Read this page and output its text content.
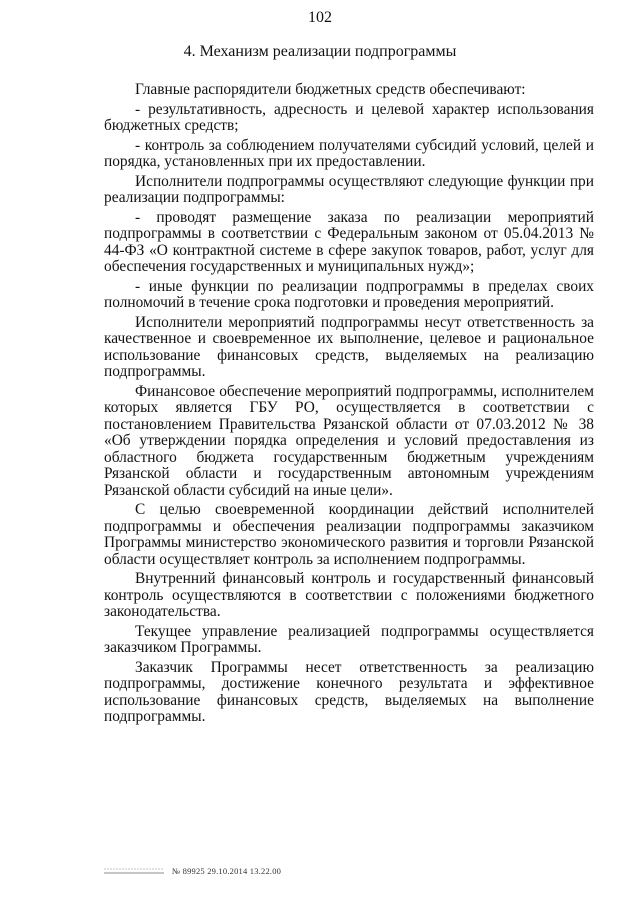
102
4. Механизм реализации подпрограммы

Главные распорядители бюджетных средств обеспечивают:

- результативность, адресность и целевой характер использования бюджетных средств;

- контроль за соблюдением получателями субсидий условий, целей и порядка, установленных при их предоставлении.

Исполнители подпрограммы осуществляют следующие функции при реализации подпрограммы:

- проводят размещение заказа по реализации мероприятий подпрограммы в соответствии с Федеральным законом от 05.04.2013 № 44-ФЗ «О контрактной системе в сфере закупок товаров, работ, услуг для обеспечения государственных и муниципальных нужд»;

- иные функции по реализации подпрограммы в пределах своих полномочий в течение срока подготовки и проведения мероприятий.

Исполнители мероприятий подпрограммы несут ответственность за качественное и своевременное их выполнение, целевое и рациональное использование финансовых средств, выделяемых на реализацию подпрограммы.

Финансовое обеспечение мероприятий подпрограммы, исполнителем которых является ГБУ РО, осуществляется в соответствии с постановлением Правительства Рязанской области от 07.03.2012 № 38 «Об утверждении порядка определения и условий предоставления из областного бюджета государственным бюджетным учреждениям Рязанской области и государственным автономным учреждениям Рязанской области субсидий на иные цели».

С целью своевременной координации действий исполнителей подпрограммы и обеспечения реализации подпрограммы заказчиком Программы министерство экономического развития и торговли Рязанской области осуществляет контроль за исполнением подпрограммы.

Внутренний финансовый контроль и государственный финансовый контроль осуществляются в соответствии с положениями бюджетного законодательства.

Текущее управление реализацией подпрограммы осуществляется заказчиком Программы.

Заказчик Программы несет ответственность за реализацию подпрограммы, достижение конечного результата и эффективное использование финансовых средств, выделяемых на выполнение подпрограммы.

№ 89925 29.10.2014 13.22.00
